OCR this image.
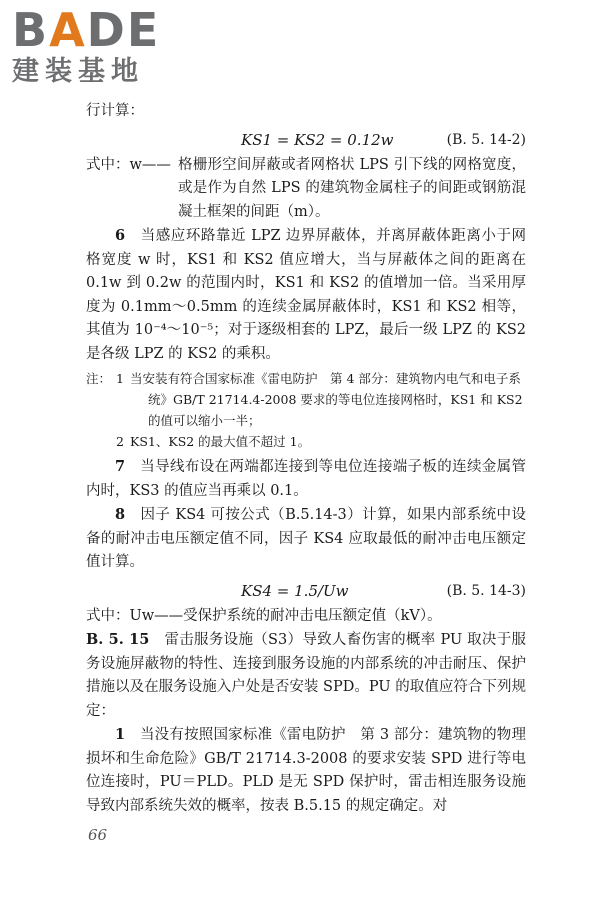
BADE
建装基地

行计算：

KS1 = KS2 = 0.12w	(B. 5. 14-2)

式中：w—— 格栅形空间屏蔽或者网格状 LPS 引下线的网格宽度，或是作为自然 LPS 的建筑物金属柱子的间距或钢筋混凝土框架的间距（m）。

6　 当感应环路靠近 LPZ 边界屏蔽体，并离屏蔽体距离小于网格宽度 w 时，KS1 和 KS2 值应增大，当与屏蔽体之间的距离在 0.1w 到 0.2w 的范围内时，KS1 和 KS2 的值增加一倍。当采用厚度为 0.1mm～0.5mm 的连续金属屏蔽体时，KS1 和 KS2 相等，其值为 10⁻⁴～10⁻⁵；对于逐级相套的 LPZ，最后一级 LPZ 的 KS2 是各级 LPZ 的 KS2 的乘积。

注： 1 当安装有符合国家标准《雷电防护　第 4 部分：建筑物内电气和电子系统》GB/T 21714.4-2008 要求的等电位连接网格时，KS1 和 KS2 的值可以缩小一半；
2 KS1、KS2 的最大值不超过 1。

7　 当导线布设在两端都连接到等电位连接端子板的连续金属管内时，KS3 的值应当再乘以 0.1。

8　 因子 KS4 可按公式（B.5.14-3）计算，如果内部系统中设备的耐冲击电压额定值不同，因子 KS4 应取最低的耐冲击电压额定值计算。

KS4 = 1.5/Uw	(B. 5. 14-3)

式中：Uw——受保护系统的耐冲击电压额定值（kV）。

B. 5. 15　 雷击服务设施（S3）导致人畜伤害的概率 PU 取决于服务设施屏蔽物的特性、连接到服务设施的内部系统的冲击耐压、保护措施以及在服务设施入户处是否安装 SPD。PU 的取值应符合下列规定：

1　 当没有按照国家标准《雷电防护　第 3 部分：建筑物的物理损坏和生命危险》GB/T 21714.3-2008 的要求安装 SPD 进行等电位连接时，PU＝PLD。PLD 是无 SPD 保护时，雷击相连服务设施导致内部系统失效的概率，按表 B.5.15 的规定确定。对

66
